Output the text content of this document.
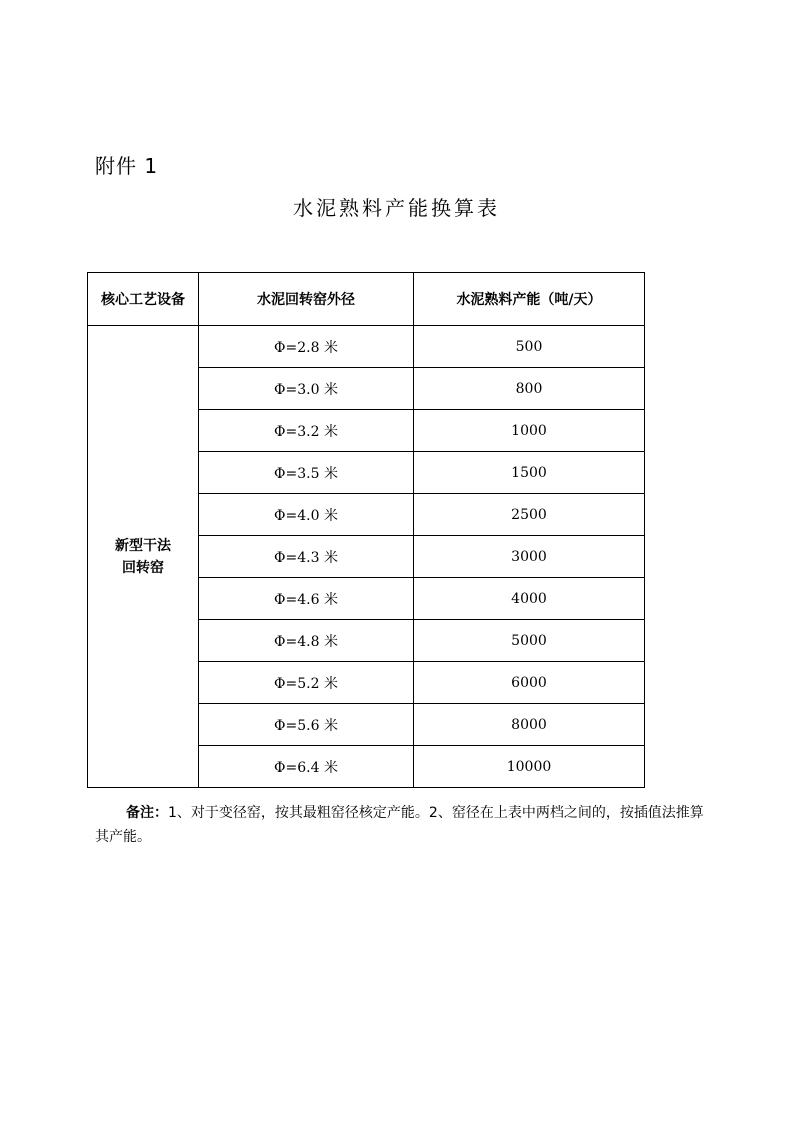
附件 1
水泥熟料产能换算表
核心工艺设备	水泥回转窑外径	水泥熟料产能（吨/天）

新型干法
回转窑	Φ=2.8 米	500
	Φ=3.0 米	800
	Φ=3.2 米	1000
	Φ=3.5 米	1500
	Φ=4.0 米	2500
	Φ=4.3 米	3000
	Φ=4.6 米	4000
	Φ=4.8 米	5000
	Φ=5.2 米	6000
	Φ=5.6 米	8000
	Φ=6.4 米	10000
备注：1、对于变径窑，按其最粗窑径核定产能。2、窑径在上表中两档之间的，按插值法推算其产能。
